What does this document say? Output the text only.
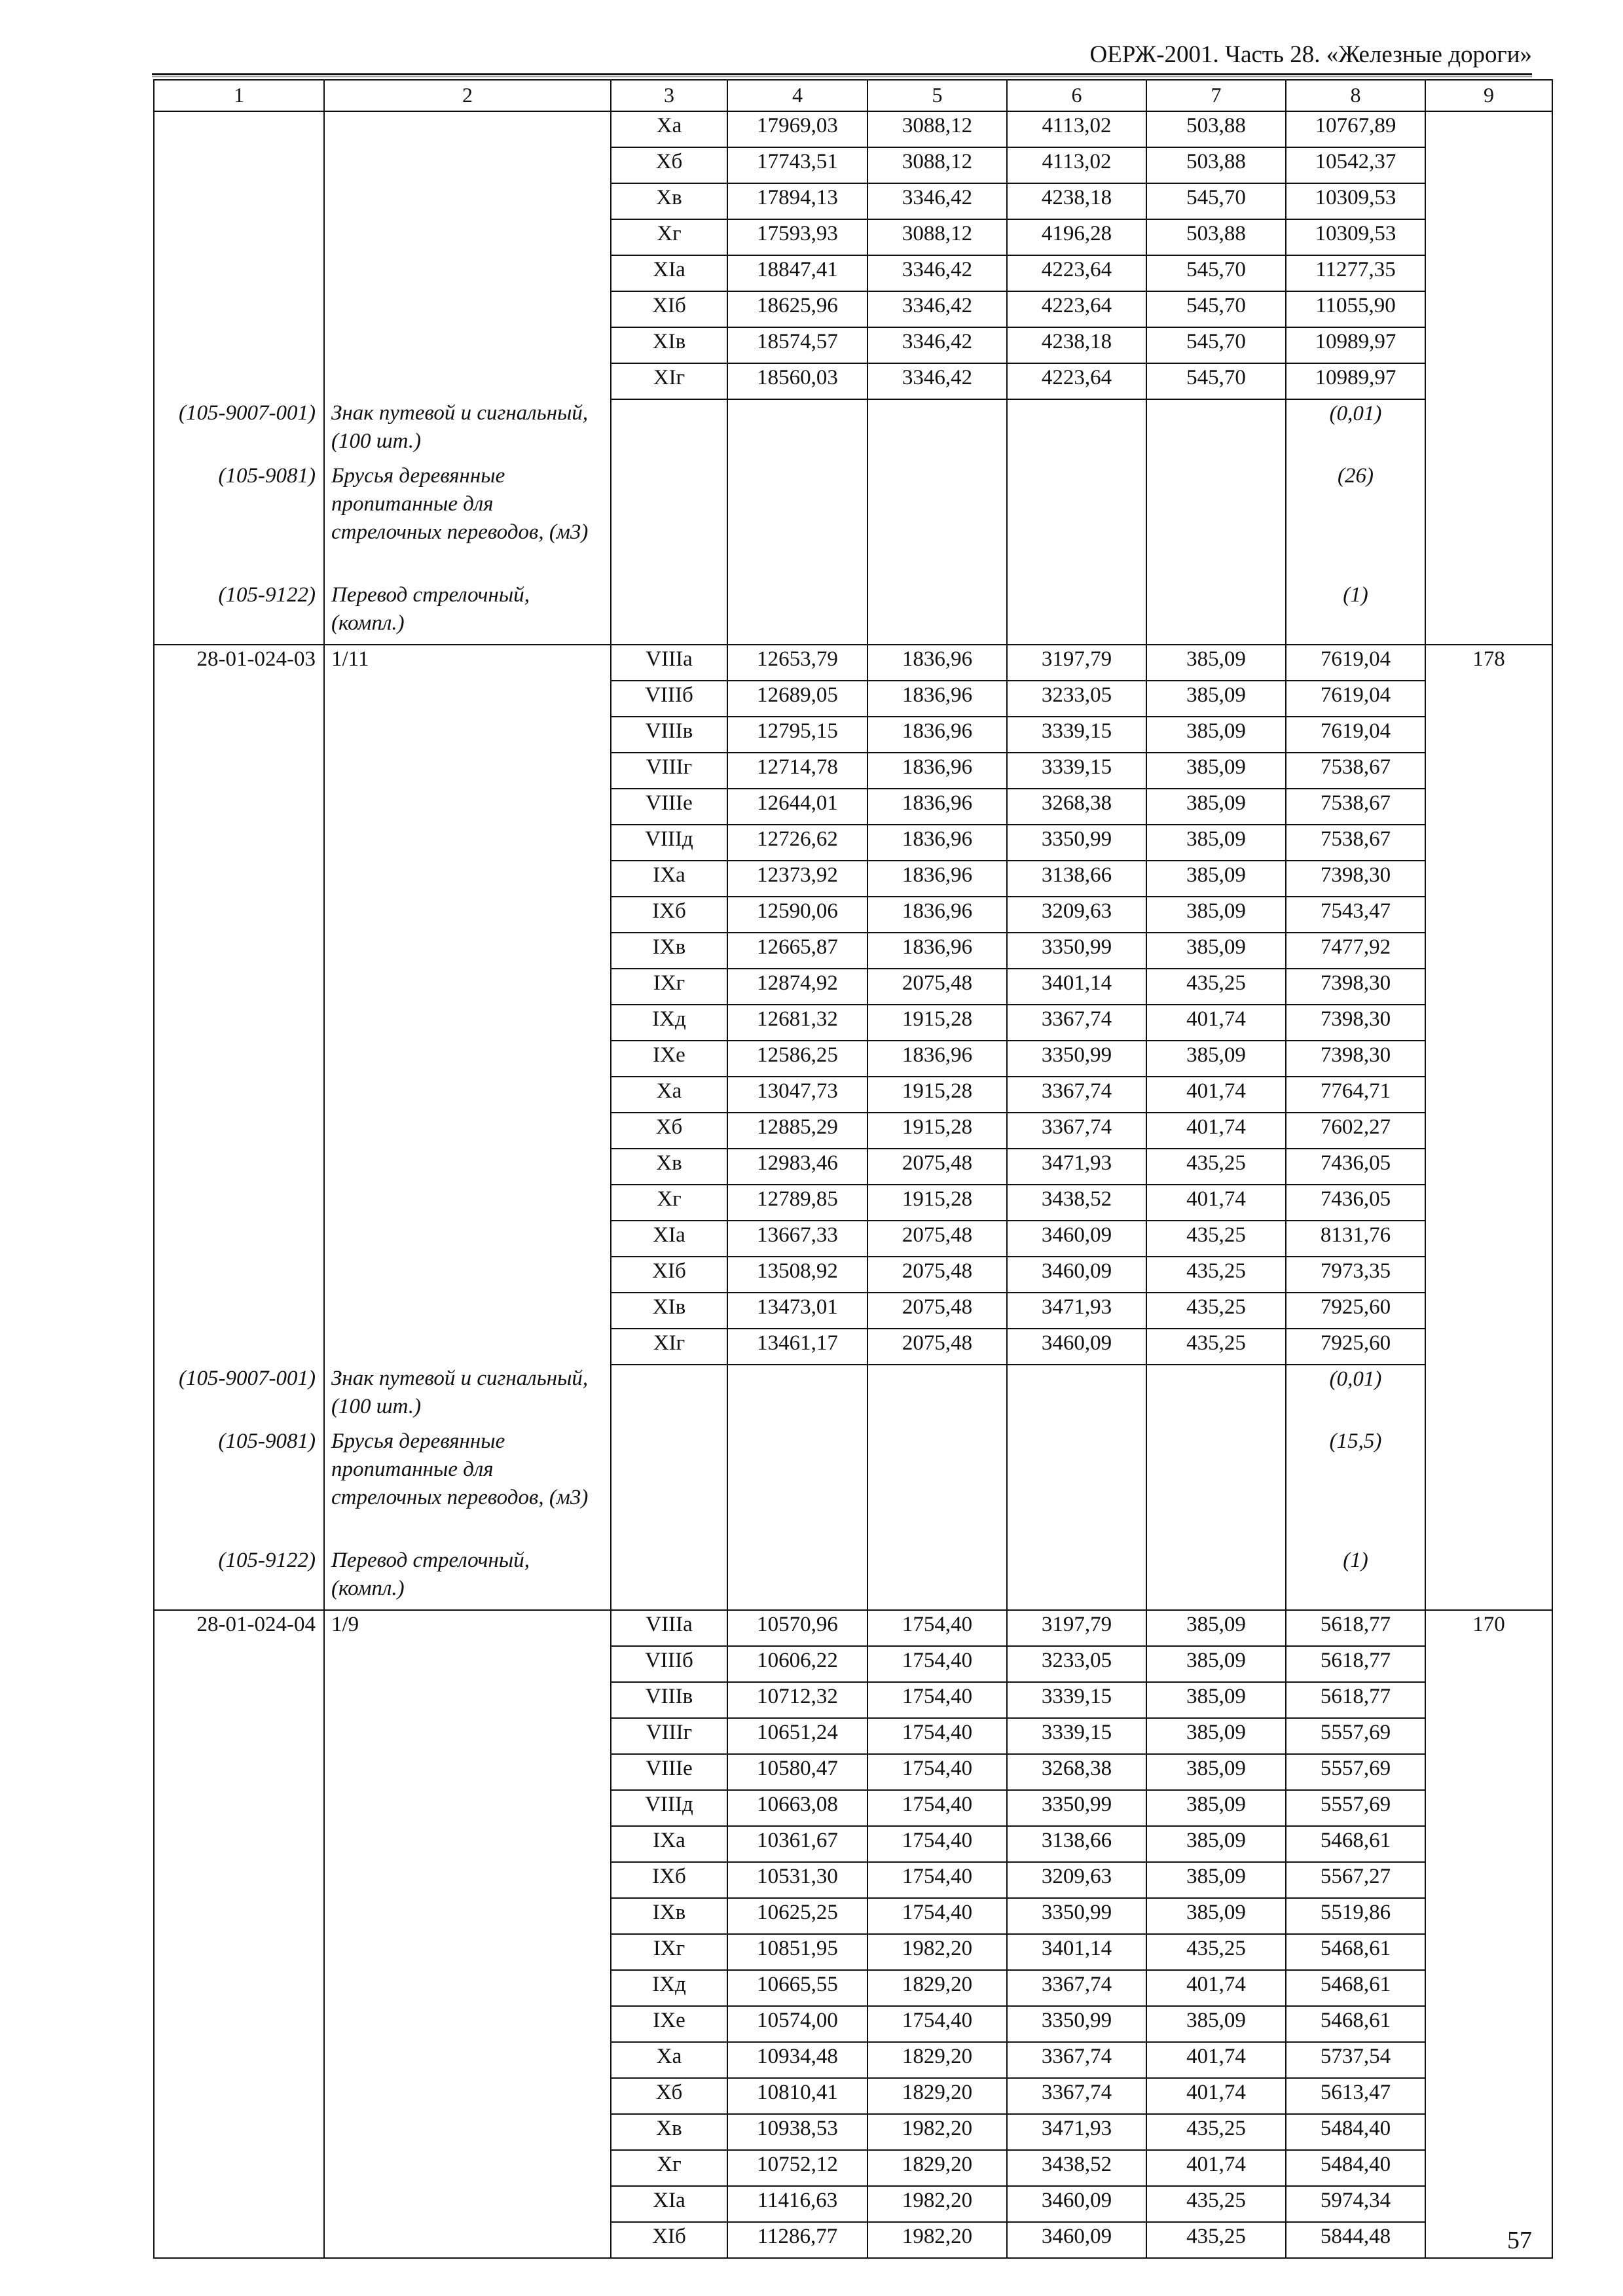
ОЕРЖ-2001. Часть 28. «Железные дороги»
1	2	3	4	5	6	7	8	9
		Xa	17969,03	3088,12	4113,02	503,88	10767,89	
		Xб	17743,51	3088,12	4113,02	503,88	10542,37	
		Xв	17894,13	3346,42	4238,18	545,70	10309,53	
		Xг	17593,93	3088,12	4196,28	503,88	10309,53	
		XIa	18847,41	3346,42	4223,64	545,70	11277,35	
		XIб	18625,96	3346,42	4223,64	545,70	11055,90	
		XIв	18574,57	3346,42	4238,18	545,70	10989,97	
		XIг	18560,03	3346,42	4223,64	545,70	10989,97	
(105-9007-001)	Знак путевой и сигнальный, (100 шт.)						(0,01)	
(105-9081)	Брусья деревянные пропитанные для стрелочных переводов, (м3)						(26)	
(105-9122)	Перевод стрелочный, (компл.)						(1)	
28-01-024-03	1/11	VIIIa	12653,79	1836,96	3197,79	385,09	7619,04	178
		VIIIб	12689,05	1836,96	3233,05	385,09	7619,04	
		VIIIв	12795,15	1836,96	3339,15	385,09	7619,04	
		VIIIг	12714,78	1836,96	3339,15	385,09	7538,67	
		VIIIe	12644,01	1836,96	3268,38	385,09	7538,67	
		VIIIд	12726,62	1836,96	3350,99	385,09	7538,67	
		IXa	12373,92	1836,96	3138,66	385,09	7398,30	
		IXб	12590,06	1836,96	3209,63	385,09	7543,47	
		IXв	12665,87	1836,96	3350,99	385,09	7477,92	
		IXг	12874,92	2075,48	3401,14	435,25	7398,30	
		IXд	12681,32	1915,28	3367,74	401,74	7398,30	
		IXe	12586,25	1836,96	3350,99	385,09	7398,30	
		Xa	13047,73	1915,28	3367,74	401,74	7764,71	
		Xб	12885,29	1915,28	3367,74	401,74	7602,27	
		Xв	12983,46	2075,48	3471,93	435,25	7436,05	
		Xг	12789,85	1915,28	3438,52	401,74	7436,05	
		XIa	13667,33	2075,48	3460,09	435,25	8131,76	
		XIб	13508,92	2075,48	3460,09	435,25	7973,35	
		XIв	13473,01	2075,48	3471,93	435,25	7925,60	
		XIг	13461,17	2075,48	3460,09	435,25	7925,60	
(105-9007-001)	Знак путевой и сигнальный, (100 шт.)						(0,01)	
(105-9081)	Брусья деревянные пропитанные для стрелочных переводов, (м3)						(15,5)	
(105-9122)	Перевод стрелочный, (компл.)						(1)	
28-01-024-04	1/9	VIIIa	10570,96	1754,40	3197,79	385,09	5618,77	170
		VIIIб	10606,22	1754,40	3233,05	385,09	5618,77	
		VIIIв	10712,32	1754,40	3339,15	385,09	5618,77	
		VIIIг	10651,24	1754,40	3339,15	385,09	5557,69	
		VIIIe	10580,47	1754,40	3268,38	385,09	5557,69	
		VIIIд	10663,08	1754,40	3350,99	385,09	5557,69	
		IXa	10361,67	1754,40	3138,66	385,09	5468,61	
		IXб	10531,30	1754,40	3209,63	385,09	5567,27	
		IXв	10625,25	1754,40	3350,99	385,09	5519,86	
		IXг	10851,95	1982,20	3401,14	435,25	5468,61	
		IXд	10665,55	1829,20	3367,74	401,74	5468,61	
		IXe	10574,00	1754,40	3350,99	385,09	5468,61	
		Xa	10934,48	1829,20	3367,74	401,74	5737,54	
		Xб	10810,41	1829,20	3367,74	401,74	5613,47	
		Xв	10938,53	1982,20	3471,93	435,25	5484,40	
		Xг	10752,12	1829,20	3438,52	401,74	5484,40	
		XIa	11416,63	1982,20	3460,09	435,25	5974,34	
		XIб	11286,77	1982,20	3460,09	435,25	5844,48		57
